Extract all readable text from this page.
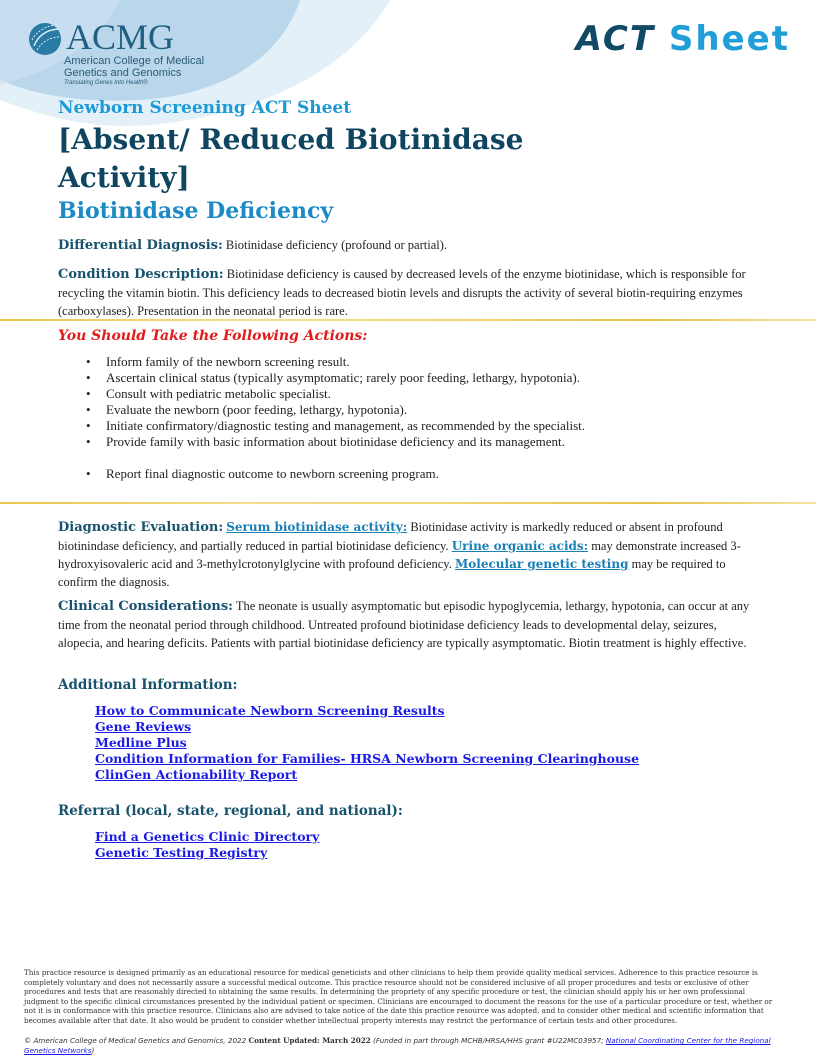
ACMG
American College of Medical
Genetics and Genomics
Translating Genes Into Health®
ACT Sheet
Newborn Screening ACT Sheet
[Absent/ Reduced Biotinidase Activity]
Biotinidase Deficiency
Differential Diagnosis: Biotinidase deficiency (profound or partial).
Condition Description: Biotinidase deficiency is caused by decreased levels of the enzyme biotinidase, which is responsible for recycling the vitamin biotin. This deficiency leads to decreased biotin levels and disrupts the activity of several biotin-requiring enzymes (carboxylases). Presentation in the neonatal period is rare.
You Should Take the Following Actions:
• Inform family of the newborn screening result.
• Ascertain clinical status (typically asymptomatic; rarely poor feeding, lethargy, hypotonia).
• Consult with pediatric metabolic specialist.
• Evaluate the newborn (poor feeding, lethargy, hypotonia).
• Initiate confirmatory/diagnostic testing and management, as recommended by the specialist.
• Provide family with basic information about biotinidase deficiency and its management.
• Report final diagnostic outcome to newborn screening program.
Diagnostic Evaluation: Serum biotinidase activity: Biotinidase activity is markedly reduced or absent in profound biotinindase deficiency, and partially reduced in partial biotinidase deficiency. Urine organic acids: may demonstrate increased 3-hydroxyisovaleric acid and 3-methylcrotonylglycine with profound deficiency. Molecular genetic testing may be required to confirm the diagnosis.
Clinical Considerations: The neonate is usually asymptomatic but episodic hypoglycemia, lethargy, hypotonia, can occur at any time from the neonatal period through childhood. Untreated profound biotinidase deficiency leads to developmental delay, seizures, alopecia, and hearing deficits. Patients with partial biotinidase deficiency are typically asymptomatic. Biotin treatment is highly effective.
Additional Information:
How to Communicate Newborn Screening Results
Gene Reviews
Medline Plus
Condition Information for Families- HRSA Newborn Screening Clearinghouse
ClinGen Actionability Report
Referral (local, state, regional, and national):
Find a Genetics Clinic Directory
Genetic Testing Registry
This practice resource is designed primarily as an educational resource for medical geneticists and other clinicians to help them provide quality medical services. Adherence to this practice resource is completely voluntary and does not necessarily assure a successful medical outcome. This practice resource should not be considered inclusive of all proper procedures and tests or exclusive of other procedures and tests that are reasonably directed to obtaining the same results. In determining the propriety of any specific procedure or test, the clinician should apply his or her own professional judgment to the specific clinical circumstances presented by the individual patient or specimen. Clinicians are encouraged to document the reasons for the use of a particular procedure or test, whether or not it is in conformance with this practice resource. Clinicians also are advised to take notice of the date this practice resource was adopted, and to consider other medical and scientific information that becomes available after that date. It also would be prudent to consider whether intellectual property interests may restrict the performance of certain tests and other procedures.
© American College of Medical Genetics and Genomics, 2022 Content Updated: March 2022 (Funded in part through MCHB/HRSA/HHS grant #U22MC03957; National Coordinating Center for the Regional Genetics Networks)
